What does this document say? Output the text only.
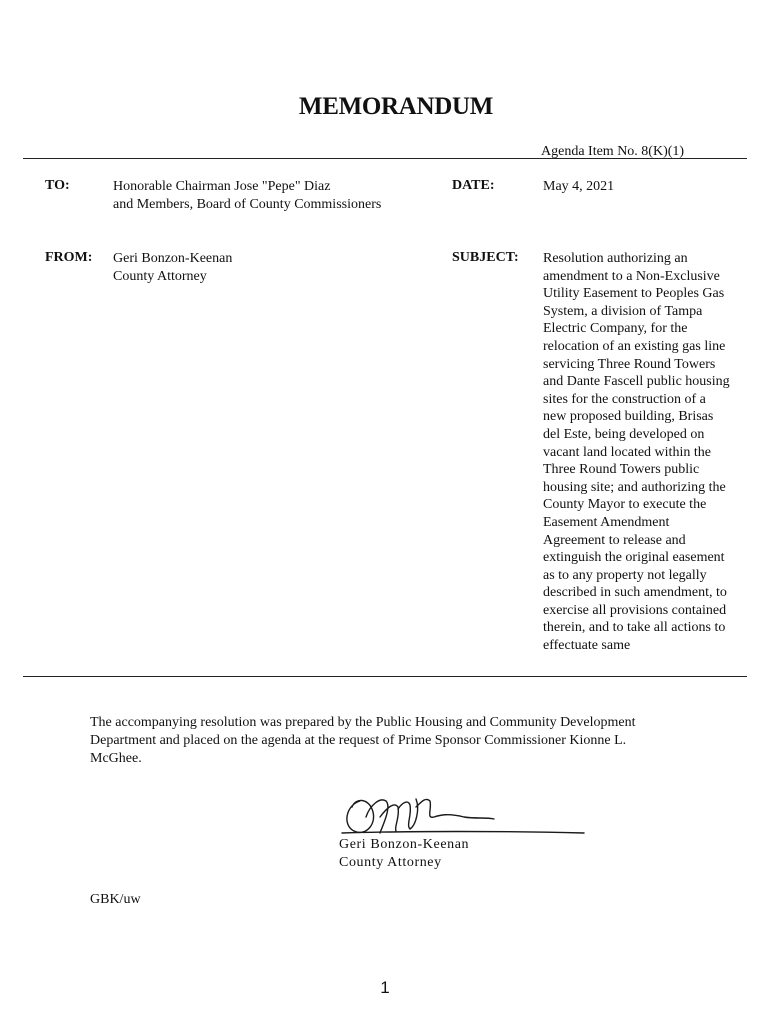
MEMORANDUM
Agenda Item No. 8(K)(1)
TO:	Honorable Chairman Jose "Pepe" Diaz
and Members, Board of County Commissioners
DATE:	May 4, 2021
FROM: Geri Bonzon-Keenan
County Attorney
SUBJECT: Resolution authorizing an
amendment to a Non-Exclusive
Utility Easement to Peoples Gas
System, a division of Tampa
Electric Company, for the
relocation of an existing gas line
servicing Three Round Towers
and Dante Fascell public housing
sites for the construction of a
new proposed building, Brisas
del Este, being developed on
vacant land located within the
Three Round Towers public
housing site; and authorizing the
County Mayor to execute the
Easement Amendment
Agreement to release and
extinguish the original easement
as to any property not legally
described in such amendment, to
exercise all provisions contained
therein, and to take all actions to
effectuate same
The accompanying resolution was prepared by the Public Housing and Community Development
Department and placed on the agenda at the request of Prime Sponsor Commissioner Kionne L.
McGhee.
Geri Bonzon-Keenan
County Attorney
GBK/uw
1
